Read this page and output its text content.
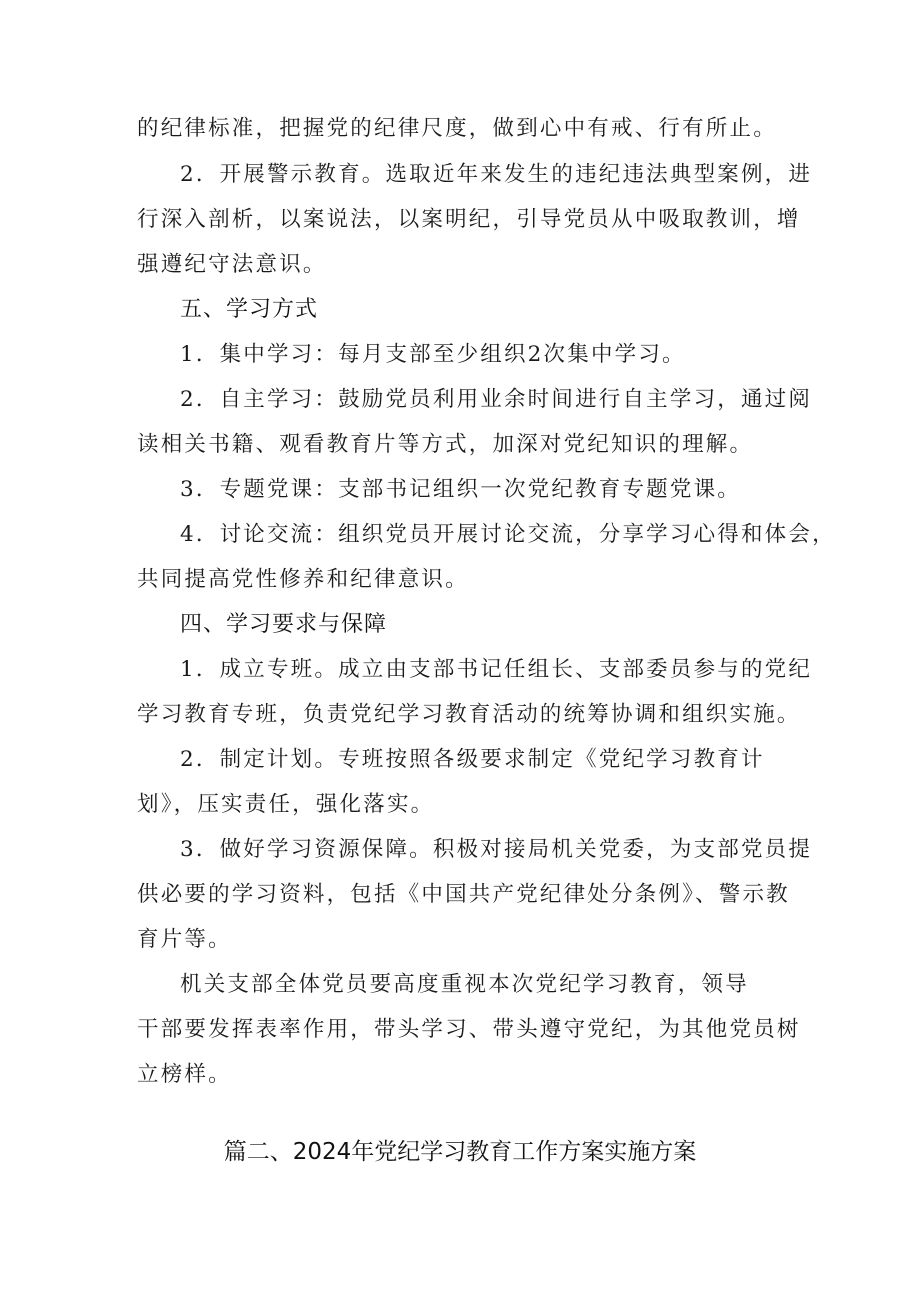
的纪律标准，把握党的纪律尺度，做到心中有戒、行有所止。
2．开展警示教育。选取近年来发生的违纪违法典型案例，进
行深入剖析，以案说法，以案明纪，引导党员从中吸取教训，增
强遵纪守法意识。
五、学习方式
1．集中学习：每月支部至少组织2次集中学习。
2．自主学习：鼓励党员利用业余时间进行自主学习，通过阅
读相关书籍、观看教育片等方式，加深对党纪知识的理解。
3．专题党课：支部书记组织一次党纪教育专题党课。
4．讨论交流：组织党员开展讨论交流，分享学习心得和体会，
共同提高党性修养和纪律意识。
四、学习要求与保障
1．成立专班。成立由支部书记任组长、支部委员参与的党纪
学习教育专班，负责党纪学习教育活动的统筹协调和组织实施。
2．制定计划。专班按照各级要求制定《党纪学习教育计
划》，压实责任，强化落实。
3．做好学习资源保障。积极对接局机关党委，为支部党员提
供必要的学习资料，包括《中国共产党纪律处分条例》、警示教
育片等。
机关支部全体党员要高度重视本次党纪学习教育，领导
干部要发挥表率作用，带头学习、带头遵守党纪，为其他党员树
立榜样。
篇二、2024年党纪学习教育工作方案实施方案
